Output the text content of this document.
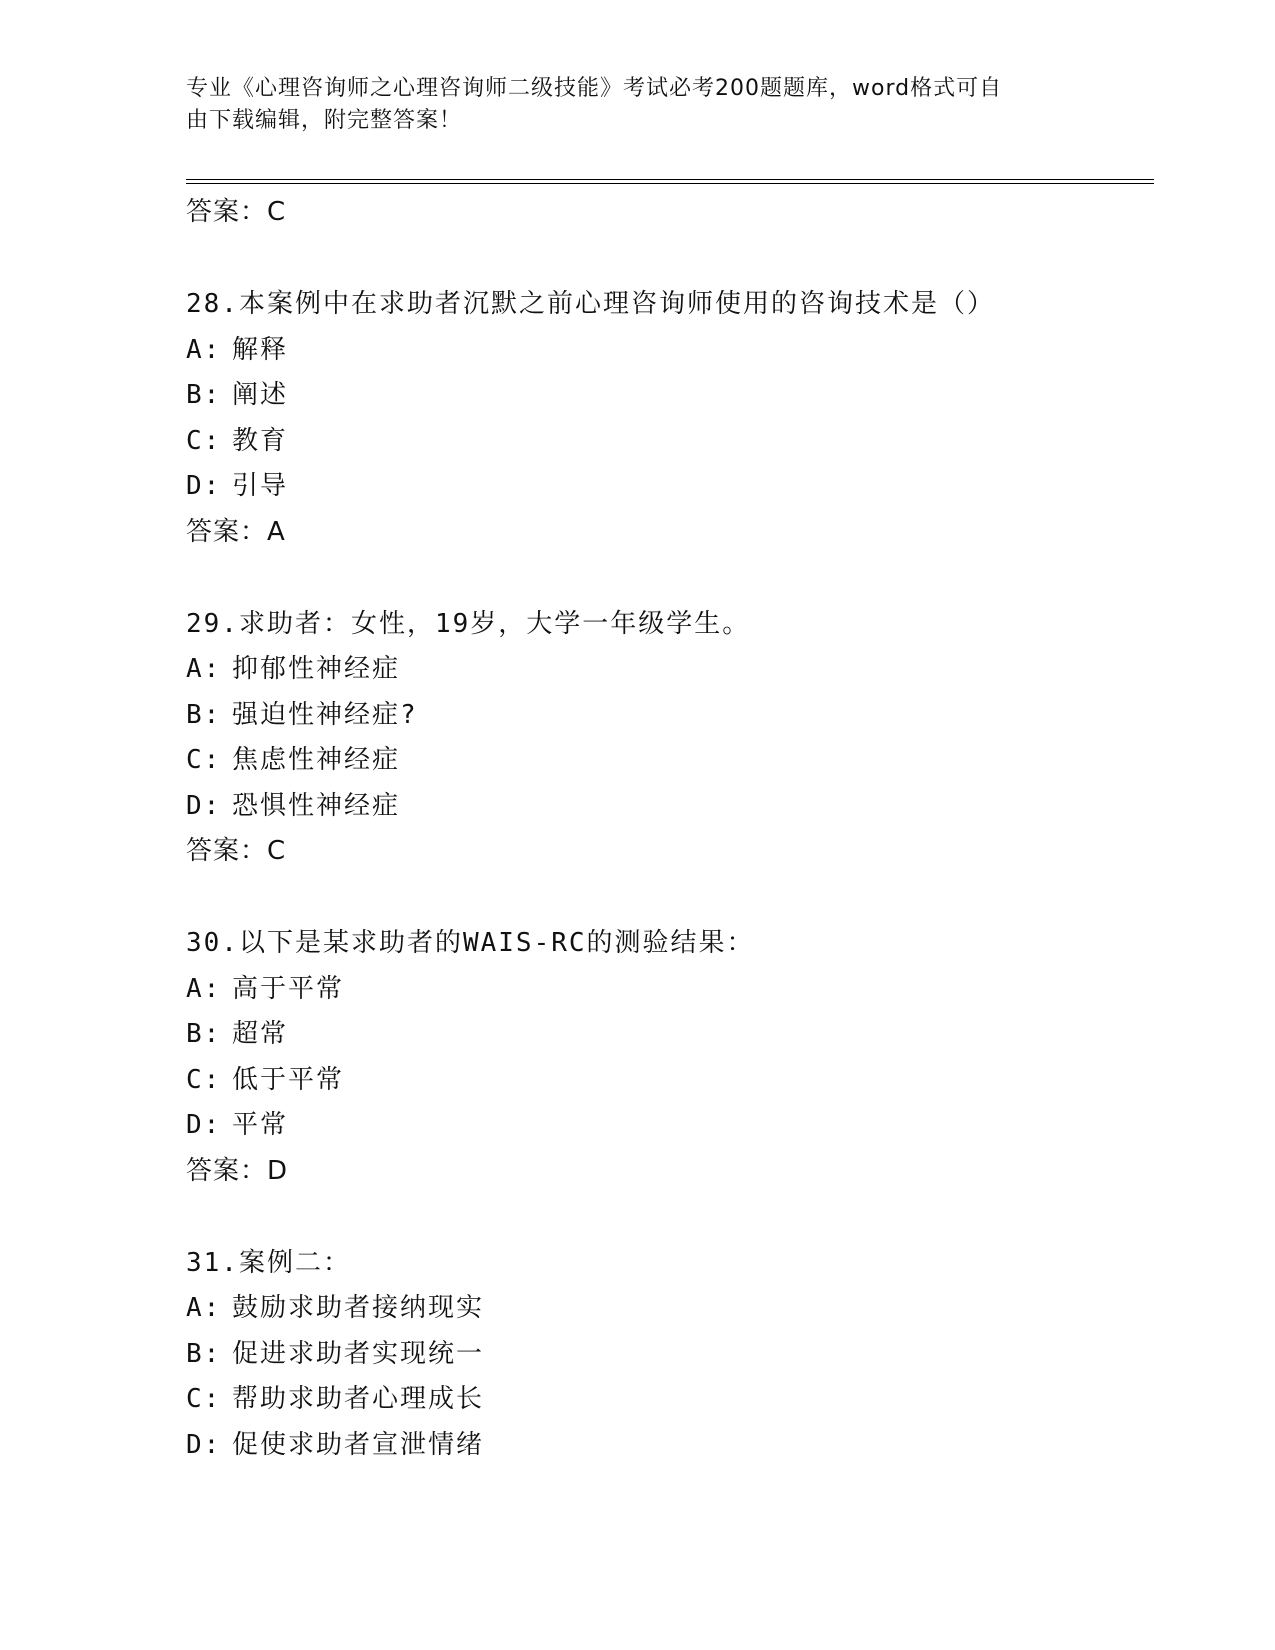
专业《心理咨询师之心理咨询师二级技能》考试必考200题题库，word格式可自
由下载编辑，附完整答案！
答案：C
28.本案例中在求助者沉默之前心理咨询师使用的咨询技术是（）
A: 解释
B: 阐述
C: 教育
D: 引导
答案：A
29.求助者：女性，19岁，大学一年级学生。
A: 抑郁性神经症
B: 强迫性神经症?
C: 焦虑性神经症
D: 恐惧性神经症
答案：C
30.以下是某求助者的WAIS-RC的测验结果：
A: 高于平常
B: 超常
C: 低于平常
D: 平常
答案：D
31.案例二：
A: 鼓励求助者接纳现实
B: 促进求助者实现统一
C: 帮助求助者心理成长
D: 促使求助者宣泄情绪
